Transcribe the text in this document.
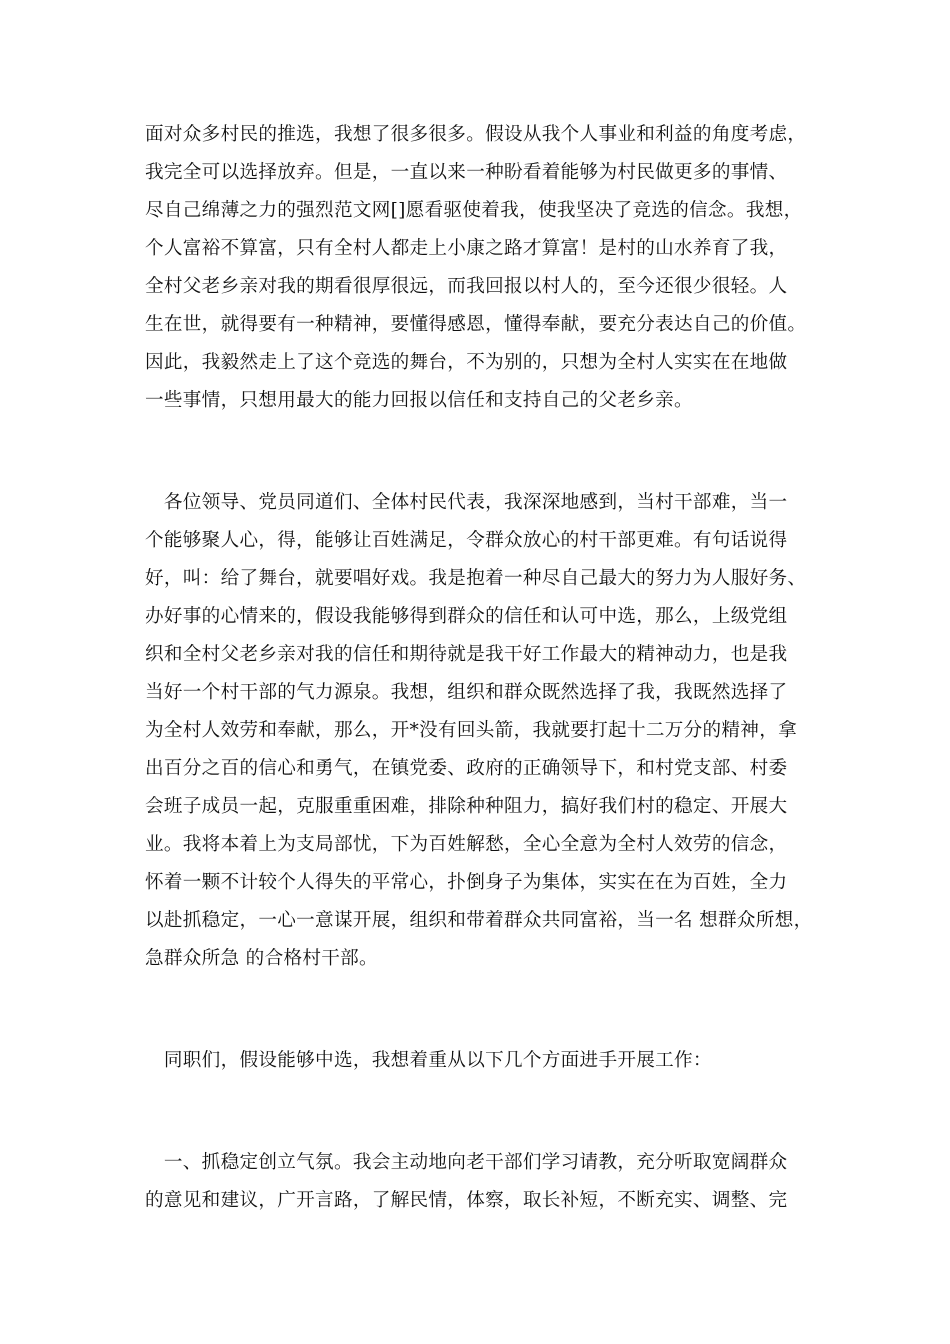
面对众多村民的推选，我想了很多很多。假设从我个人事业和利益的角度考虑，
我完全可以选择放弃。但是，一直以来一种盼看着能够为村民做更多的事情、
尽自己绵薄之力的强烈范文网[]愿看驱使着我，使我坚决了竞选的信念。我想，
个人富裕不算富，只有全村人都走上小康之路才算富！是村的山水养育了我，
全村父老乡亲对我的期看很厚很远，而我回报以村人的，至今还很少很轻。人
生在世，就得要有一种精神，要懂得感恩，懂得奉献，要充分表达自己的价值。
因此，我毅然走上了这个竞选的舞台，不为别的，只想为全村人实实在在地做
一些事情，只想用最大的能力回报以信任和支持自己的父老乡亲。
　各位领导、党员同道们、全体村民代表，我深深地感到，当村干部难，当一
个能够聚人心，得，能够让百姓满足，令群众放心的村干部更难。有句话说得
好，叫：给了舞台，就要唱好戏。我是抱着一种尽自己最大的努力为人服好务、
办好事的心情来的，假设我能够得到群众的信任和认可中选，那么，上级党组
织和全村父老乡亲对我的信任和期待就是我干好工作最大的精神动力，也是我
当好一个村干部的气力源泉。我想，组织和群众既然选择了我，我既然选择了
为全村人效劳和奉献，那么，开*没有回头箭，我就要打起十二万分的精神，拿
出百分之百的信心和勇气，在镇党委、政府的正确领导下，和村党支部、村委
会班子成员一起，克服重重困难，排除种种阻力，搞好我们村的稳定、开展大
业。我将本着上为支局部忧，下为百姓解愁，全心全意为全村人效劳的信念，
怀着一颗不计较个人得失的平常心，扑倒身子为集体，实实在在为百姓，全力
以赴抓稳定，一心一意谋开展，组织和带着群众共同富裕，当一名 想群众所想，
急群众所急 的合格村干部。
　同职们，假设能够中选，我想着重从以下几个方面进手开展工作：
　一、抓稳定创立气氛。我会主动地向老干部们学习请教，充分听取宽阔群众
的意见和建议，广开言路，了解民情，体察，取长补短，不断充实、调整、完
